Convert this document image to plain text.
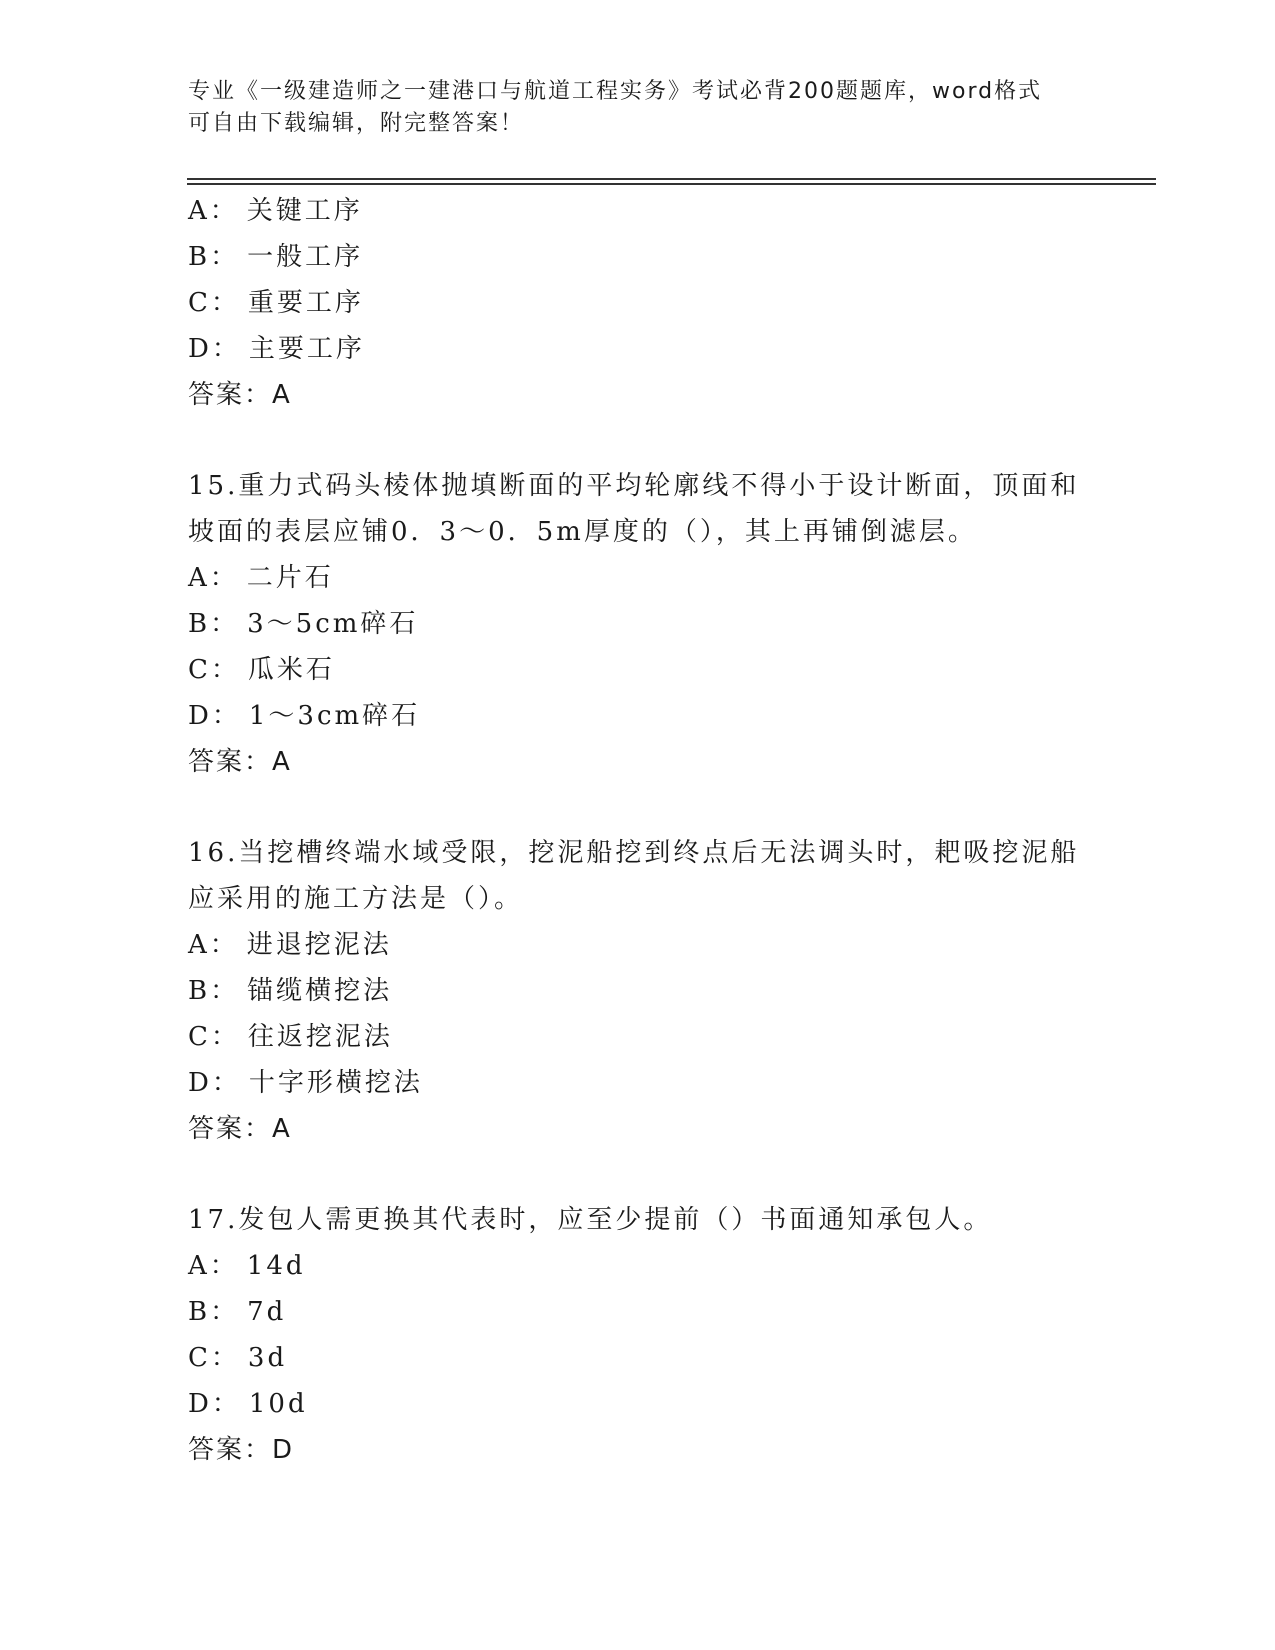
专业《一级建造师之一建港口与航道工程实务》考试必背200题题库，word格式
可自由下载编辑，附完整答案！
A： 关键工序
B： 一般工序
C： 重要工序
D： 主要工序
答案：A
15.重力式码头棱体抛填断面的平均轮廓线不得小于设计断面，顶面和
坡面的表层应铺0．3～0．5m厚度的（），其上再铺倒滤层。
A： 二片石
B： 3～5cm碎石
C： 瓜米石
D： 1～3cm碎石
答案：A
16.当挖槽终端水域受限，挖泥船挖到终点后无法调头时，耙吸挖泥船
应采用的施工方法是（）。
A： 进退挖泥法
B： 锚缆横挖法
C： 往返挖泥法
D： 十字形横挖法
答案：A
17.发包人需更换其代表时，应至少提前（）书面通知承包人。
A： 14d
B： 7d
C： 3d
D： 10d
答案：D
